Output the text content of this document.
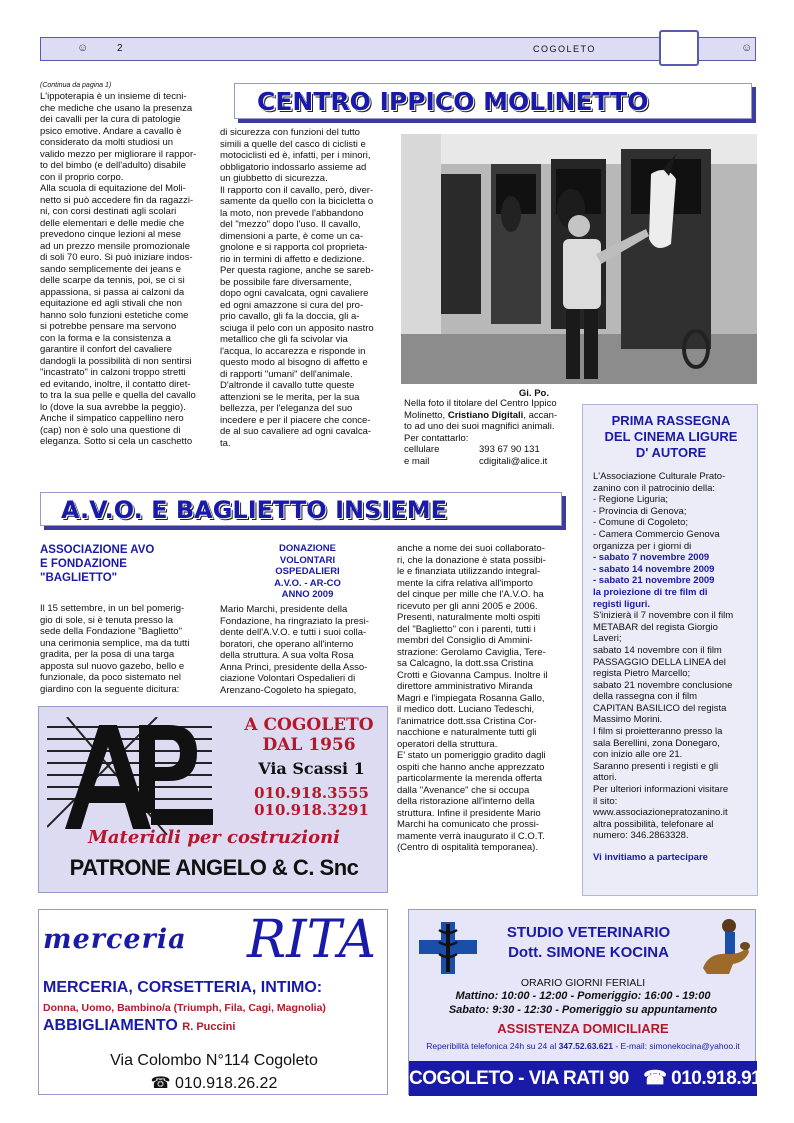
☺	2	COGOLETO	☺
(Continua da pagina 1)
CENTRO IPPICO MOLINETTO
L'ippoterapia è un insieme di tecni-
che mediche che usano la presenza
dei cavalli per la cura di patologie
psico emotive. Andare a cavallo è
considerato da molti studiosi un
valido mezzo per migliorare il rappor-
to del bimbo (e dell'adulto) disabile
con il proprio corpo.
Alla scuola di equitazione del Moli-
netto si può accedere fin da ragazzi-
ni, con corsi destinati agli scolari
delle elementari e delle medie che
prevedono cinque lezioni al mese
ad un prezzo mensile promozionale
di soli 70 euro. Si può iniziare indos-
sando semplicemente dei jeans e
delle scarpe da tennis, poi, se ci si
appassiona, si passa ai calzoni da
equitazione ed agli stivali che non
hanno solo funzioni estetiche come
si potrebbe pensare ma servono
con la forma e la consistenza a
garantire il confort del cavaliere
dandogli la possibilità di non sentirsi
"incastrato" in calzoni troppo stretti
ed evitando, inoltre, il contatto diret-
to tra la sua pelle e quella del cavallo
lo (dove la sua avrebbe la peggio).
Anche il simpatico cappellino nero
(cap) non è solo una questione di
eleganza. Sotto si cela un caschetto
di sicurezza con funzioni del tutto
simili a quelle del casco di ciclisti e
motociclisti ed è, infatti, per i minori,
obbligatorio indossarlo assieme ad
un giubbetto di sicurezza.
Il rapporto con il cavallo, però, diver-
samente da quello con la bicicletta o
la moto, non prevede l'abbandono
del "mezzo" dopo l'uso. Il cavallo,
dimensioni a parte, è come un ca-
gnolone e si rapporta col proprieta-
rio in termini di affetto e dedizione.
Per questa ragione, anche se sareb-
be possibile fare diversamente,
dopo ogni cavalcata, ogni cavaliere
ed ogni amazzone si cura del pro-
prio cavallo, gli fa la doccia, gli a-
sciuga il pelo con un apposito nastro
metallico che gli fa scivolar via
l'acqua, lo accarezza e risponde in
questo modo al bisogno di affetto e
di rapporti "umani" dell'animale.
D'altronde il cavallo tutte queste
attenzioni se le merita, per la sua
bellezza, per l'eleganza del suo
incedere e per il piacere che conce-
de al suo cavaliere ad ogni cavalca-
ta.
Gi. Po.
Nella foto il titolare del Centro Ippico
Molinetto, Cristiano Digitali, accan-
to ad uno dei suoi magnifici animali.
Per contattarlo:
cellulare	393 67 90 131
e mail	cdigitali@alice.it
PRIMA RASSEGNA
DEL CINEMA LIGURE
D' AUTORE
L'Associazione Culturale Prato-
zanino con il patrocinio della:
- Regione Liguria;
- Provincia di Genova;
- Comune di Cogoleto;
- Camera Commercio Genova
organizza per i giorni di
- sabato 7 novembre 2009
- sabato 14 novembre 2009
- sabato 21 novembre 2009
la proiezione di tre film di
registi liguri.
S'inizierà il 7 novembre con il film
METABAR del regista Giorgio
Laveri;
sabato 14 novembre con il film
PASSAGGIO DELLA LINEA del
regista Pietro Marcello;
sabato 21 novembre conclusione
della rassegna con il film
CAPITAN BASILICO del regista
Massimo Morini.
I film si proietteranno presso la
sala Berellini, zona Donegaro,
con inizio alle ore 21.
Saranno presenti i registi e gli
attori.
Per ulteriori informazioni visitare
il sito:
www.associazionepratozanino.it
altra possibilità, telefonare al
numero: 346.2863328.
Vi invitiamo a partecipare
A.V.O. E BAGLIETTO INSIEME
ASSOCIAZIONE AVO
E FONDAZIONE
"BAGLIETTO"
Il 15 settembre, in un bel pomerig-
gio di sole, si è tenuta presso la
sede della Fondazione "Baglietto"
una cerimonia semplice, ma da tutti
gradita, per la posa di una targa
apposta sul nuovo gazebo, bello e
funzionale, da poco sistemato nel
giardino con la seguente dicitura:
DONAZIONE
VOLONTARI
OSPEDALIERI
A.V.O. - AR-CO
ANNO 2009
Mario Marchi, presidente della
Fondazione, ha ringraziato la presi-
dente dell'A.V.O. e tutti i suoi colla-
boratori, che operano all'interno
della struttura. A sua volta Rosa
Anna Princi, presidente della Asso-
ciazione Volontari Ospedalieri di
Arenzano-Cogoleto ha spiegato,
anche a nome dei suoi collaborato-
ri, che la donazione è stata possibi-
le e finanziata utilizzando integral-
mente la cifra relativa all'importo
del cinque per mille che l'A.V.O. ha
ricevuto per gli anni 2005 e 2006.
Presenti, naturalmente molti ospiti
del "Baglietto" con i parenti, tutti i
membri del Consiglio di Ammini-
strazione: Gerolamo Caviglia, Tere-
sa Calcagno, la dott.ssa Cristina
Crotti e Giovanna Campus. Inoltre il
direttore amministrativo Miranda
Magri e l'impiegata Rosanna Gallo,
il medico dott. Luciano Tedeschi,
l'animatrice dott.ssa Cristina Cor-
nacchione e naturalmente tutti gli
operatori della struttura.
E' stato un pomeriggio gradito dagli
ospiti che hanno anche apprezzato
particolarmente la merenda offerta
dalla "Avenance" che si occupa
della ristorazione all'interno della
struttura. Infine il presidente Mario
Marchi ha comunicato che prossi-
mamente verrà inaugurato il C.O.T.
(Centro di ospitalità temporanea).
A COGOLETO
DAL 1956
Via Scassi 1
010.918.3555
010.918.3291
Materiali per costruzioni
PATRONE ANGELO & C. Snc
merceria RITA
MERCERIA, CORSETTERIA, INTIMO:
Donna, Uomo, Bambino/a (Triumph, Fila, Cagi, Magnolia)
ABBIGLIAMENTO R. Puccini
Via Colombo N°114 Cogoleto
☎ 010.918.26.22
STUDIO VETERINARIO
Dott. SIMONE KOCINA
ORARIO GIORNI FERIALI
Mattino: 10:00 - 12:00 - Pomeriggio: 16:00 - 19:00
Sabato: 9:30 - 12:30 - Pomeriggio su appuntamento
ASSISTENZA DOMICILIARE
Reperibilità telefonica 24h su 24 al 347.52.63.621 - E-mail: simonekocina@yahoo.it
COGOLETO - VIA RATI 90 ☎ 010.918.91.15
